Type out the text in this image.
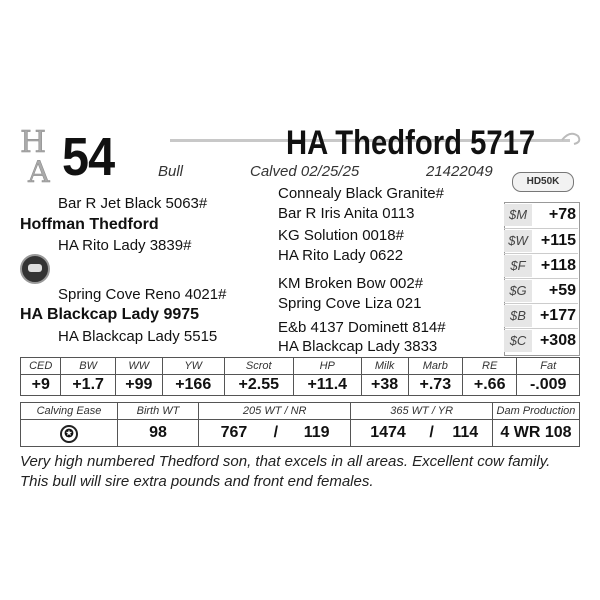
H
A 54	HA Thedford 5717
Bull	Calved 02/25/25	21422049
HD50K
Bar R Jet Black 5063#
Hoffman Thedford
HA Rito Lady 3839#
Spring Cove Reno 4021#
HA Blackcap Lady 9975
HA Blackcap Lady 5515
Connealy Black Granite#
Bar R Iris Anita 0113
KG Solution 0018#
HA Rito Lady 0622
KM Broken Bow 002#
Spring Cove Liza 021
E&b 4137 Dominett 814#
HA Blackcap Lady 3833
$M	+78
$W +115
$F +118
$G	+59
$B +177
$C +308
CED	BW	WW	YW	Scrot	HP	Milk	Marb	RE	Fat
+9	+1.7	+99	+166	+2.55	+11.4	+38	+.73	+.66	-.009
Calving Ease	Birth WT	205 WT / NR			365 WT / YR			Dam Production
✪	98	767	/	119	1474	/	114	4 WR 108
Very high numbered Thedford son, that excels in all areas. Excellent cow family. This bull will sire extra pounds and front end females.
